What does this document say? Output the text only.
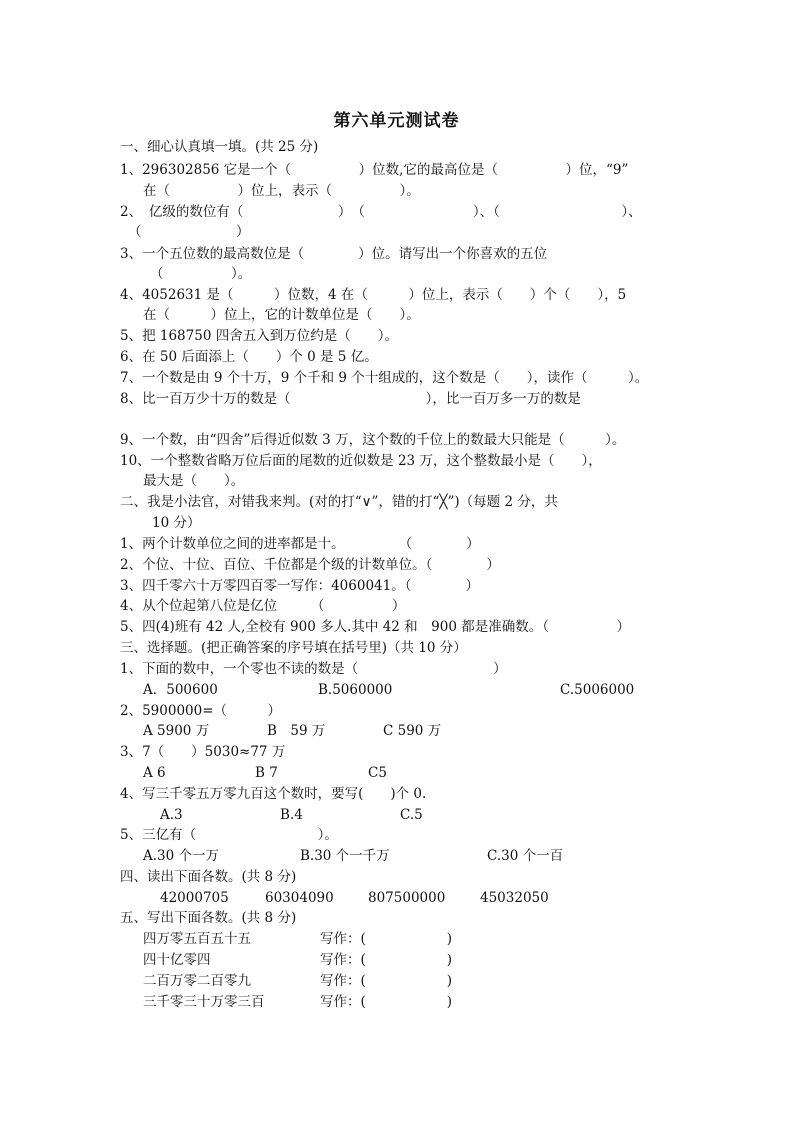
第六单元测试卷
一、细心认真填一填。(共 25 分)
1、296302856 它是一个（　　　　　）位数,它的最高位是（　　　　　）位，“9”
在（　　　　　）位上，表示（　　　　　）。
2、　亿级的数位有（　　　　　　　）　（　　　　　　　　）、（　　　　　　　　　）、
（　　　　　　　）
3、一个五位数的最高数位是（　　　　）位。请写出一个你喜欢的五位
（　　　　　）。
4、4052631 是（　　　）位数，4 在（　　　）位上，表示（　　）个（　　），5
在（　　　）位上，它的计数单位是（　　）。
5、把 168750 四舍五入到万位约是（　　）。
6、在 50 后面添上（　　）个 0 是 5 亿。
7、一个数是由 9 个十万，9 个千和 9 个十组成的，这个数是（　　），读作（　　　）。
8、比一百万少十万的数是（　　　　　　　　　　），比一百万多一万的数是
9、一个数，由“四舍”后得近似数 3 万，这个数的千位上的数最大只能是（　　　）。
10、一个整数省略万位后面的尾数的近似数是 23 万，这个整数最小是（　　），
最大是（　　）。
二、我是小法官，对错我来判。(对的打“∨”，错的打“╳”)（每题 2 分，共
10 分）
1、两个计数单位之间的进率都是十。　　　　　（　　　　）
2、个位、十位、百位、千位都是个级的计数单位。（　　　　）
3、四千零六十万零四百零一写作：4060041。（　　　　）
4、从个位起第八位是亿位　　　（　　　　　）
5、四(4)班有 42 人,全校有 900 多人.其中 42 和　900 都是准确数。（　　　　　）
三、选择题。(把正确答案的序号填在括号里)（共 10 分）
1、下面的数中，一个零也不读的数是（　　　　　　　　　　）
A．500600	B.5060000	C.5006000
2、5900000=（　　　）
A 5900 万	B　59 万	C 590 万
3、7（　　）5030≈77 万
A 6	B 7	C5
4、写三千零五万零九百这个数时，要写(　　)个 0.
A.3	B.4	C.5
5、三亿有（　　　　　　　　　）。
A.30 个一万	B.30 个一千万	C.30 个一百
四、读出下面各数。(共 8 分)
42000705	60304090	807500000	45032050
五、写出下面各数。(共 8 分)
四万零五百五十五	写作：(　　　　　　)
四十亿零四	写作：(　　　　　　)
二百万零二百零九	写作：(　　　　　　)
三千零三十万零三百	写作：(　　　　　　)
